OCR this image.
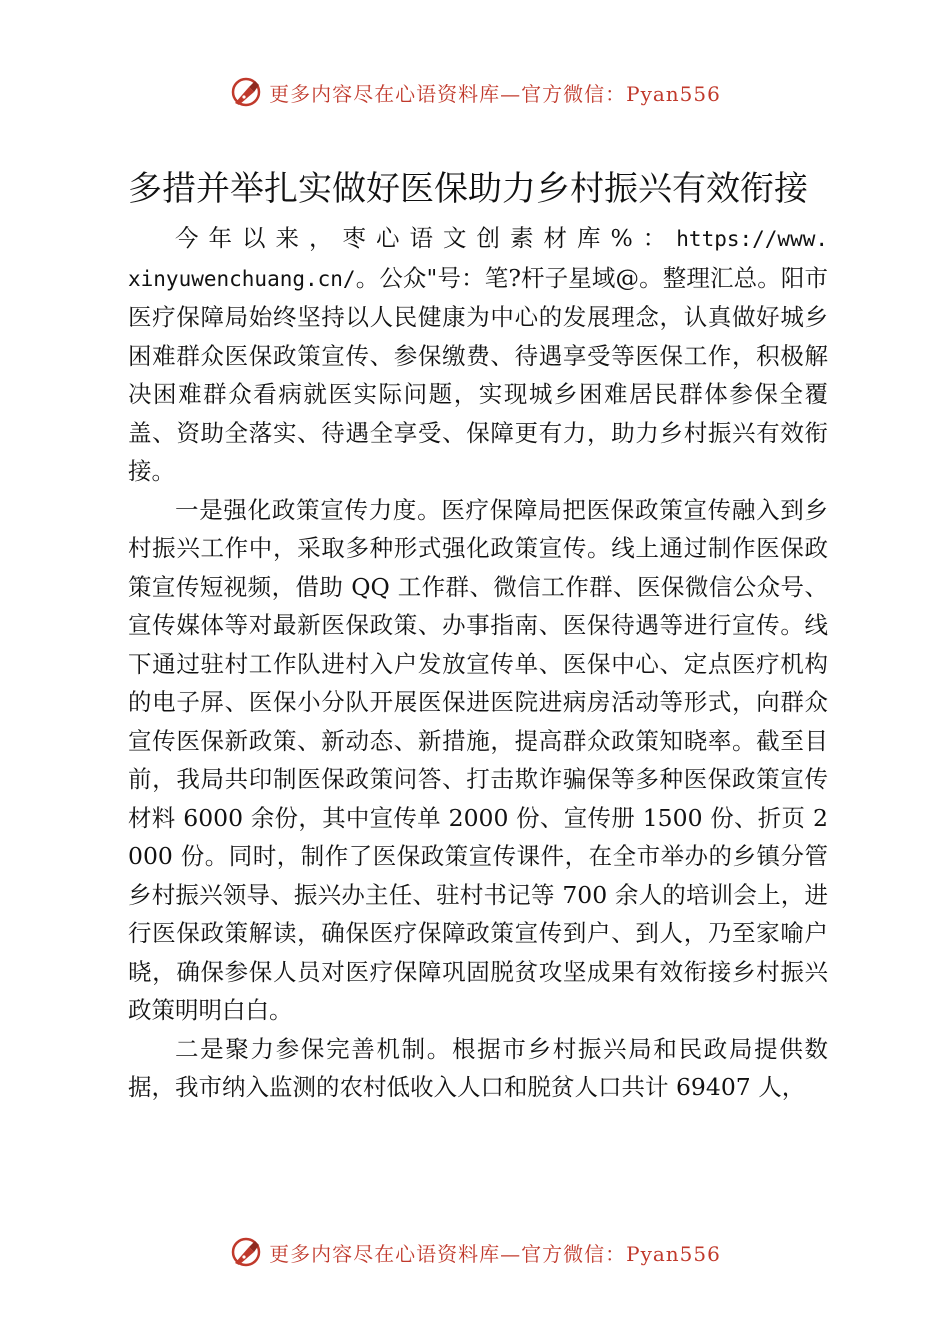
更多内容尽在心语资料库—官方微信：Pyan556
多措并举扎实做好医保助力乡村振兴有效衔接

今年以来，枣心语文创素材库%：https://www.xinyuwenchuang.cn/。公众"号：笔?杆子星域@。整理汇总。阳市医疗保障局始终坚持以人民健康为中心的发展理念，认真做好城乡困难群众医保政策宣传、参保缴费、待遇享受等医保工作，积极解决困难群众看病就医实际问题，实现城乡困难居民群体参保全覆盖、资助全落实、待遇全享受、保障更有力，助力乡村振兴有效衔接。

一是强化政策宣传力度。医疗保障局把医保政策宣传融入到乡村振兴工作中，采取多种形式强化政策宣传。线上通过制作医保政策宣传短视频，借助 QQ 工作群、微信工作群、医保微信公众号、宣传媒体等对最新医保政策、办事指南、医保待遇等进行宣传。线下通过驻村工作队进村入户发放宣传单、医保中心、定点医疗机构的电子屏、医保小分队开展医保进医院进病房活动等形式，向群众宣传医保新政策、新动态、新措施，提高群众政策知晓率。截至目前，我局共印制医保政策问答、打击欺诈骗保等多种医保政策宣传材料 6000 余份，其中宣传单 2000 份、宣传册 1500 份、折页 2000 份。同时，制作了医保政策宣传课件，在全市举办的乡镇分管乡村振兴领导、振兴办主任、驻村书记等 700 余人的培训会上，进行医保政策解读，确保医疗保障政策宣传到户、到人，乃至家喻户晓，确保参保人员对医疗保障巩固脱贫攻坚成果有效衔接乡村振兴政策明明白白。

二是聚力参保完善机制。根据市乡村振兴局和民政局提供数据，我市纳入监测的农村低收入人口和脱贫人口共计 69407 人，

更多内容尽在心语资料库—官方微信：Pyan556
